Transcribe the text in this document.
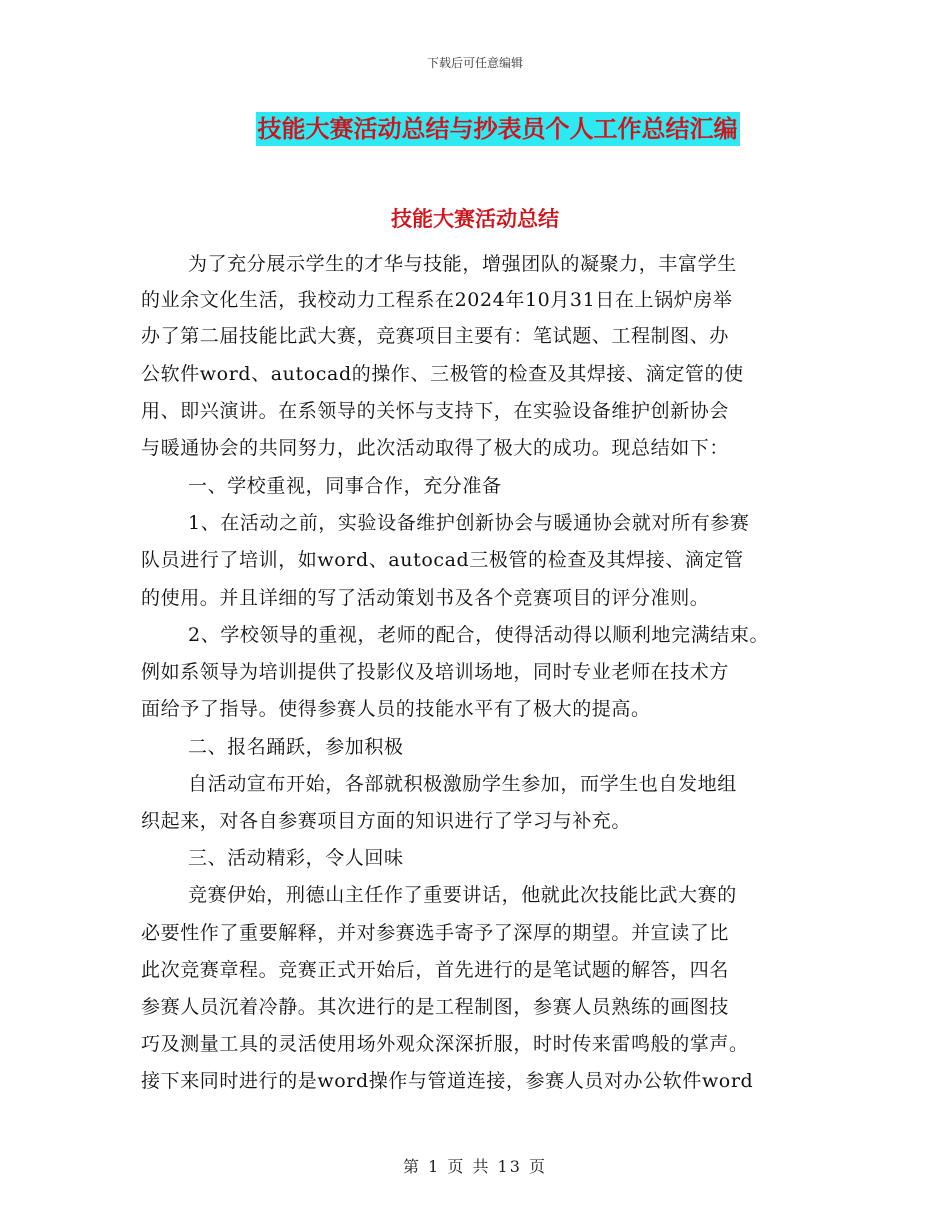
下载后可任意编辑
技能大赛活动总结与抄表员个人工作总结汇编
技能大赛活动总结
为了充分展示学生的才华与技能，增强团队的凝聚力，丰富学生
的业余文化生活，我校动力工程系在2024年10月31日在上锅炉房举
办了第二届技能比武大赛，竞赛项目主要有：笔试题、工程制图、办
公软件word、autocad的操作、三极管的检查及其焊接、滴定管的使
用、即兴演讲。在系领导的关怀与支持下，在实验设备维护创新协会
与暖通协会的共同努力，此次活动取得了极大的成功。现总结如下：
一、学校重视，同事合作，充分准备
1、在活动之前，实验设备维护创新协会与暖通协会就对所有参赛
队员进行了培训，如word、autocad三极管的检查及其焊接、滴定管
的使用。并且详细的写了活动策划书及各个竞赛项目的评分准则。
2、学校领导的重视，老师的配合，使得活动得以顺利地完满结束。
例如系领导为培训提供了投影仪及培训场地，同时专业老师在技术方
面给予了指导。使得参赛人员的技能水平有了极大的提高。
二、报名踊跃，参加积极
自活动宣布开始，各部就积极激励学生参加，而学生也自发地组
织起来，对各自参赛项目方面的知识进行了学习与补充。
三、活动精彩，令人回味
竞赛伊始，刑德山主任作了重要讲话，他就此次技能比武大赛的
必要性作了重要解释，并对参赛选手寄予了深厚的期望。并宣读了比
此次竞赛章程。竞赛正式开始后，首先进行的是笔试题的解答，四名
参赛人员沉着冷静。其次进行的是工程制图，参赛人员熟练的画图技
巧及测量工具的灵活使用场外观众深深折服，时时传来雷鸣般的掌声。
接下来同时进行的是word操作与管道连接，参赛人员对办公软件word
第 1 页 共 13 页
